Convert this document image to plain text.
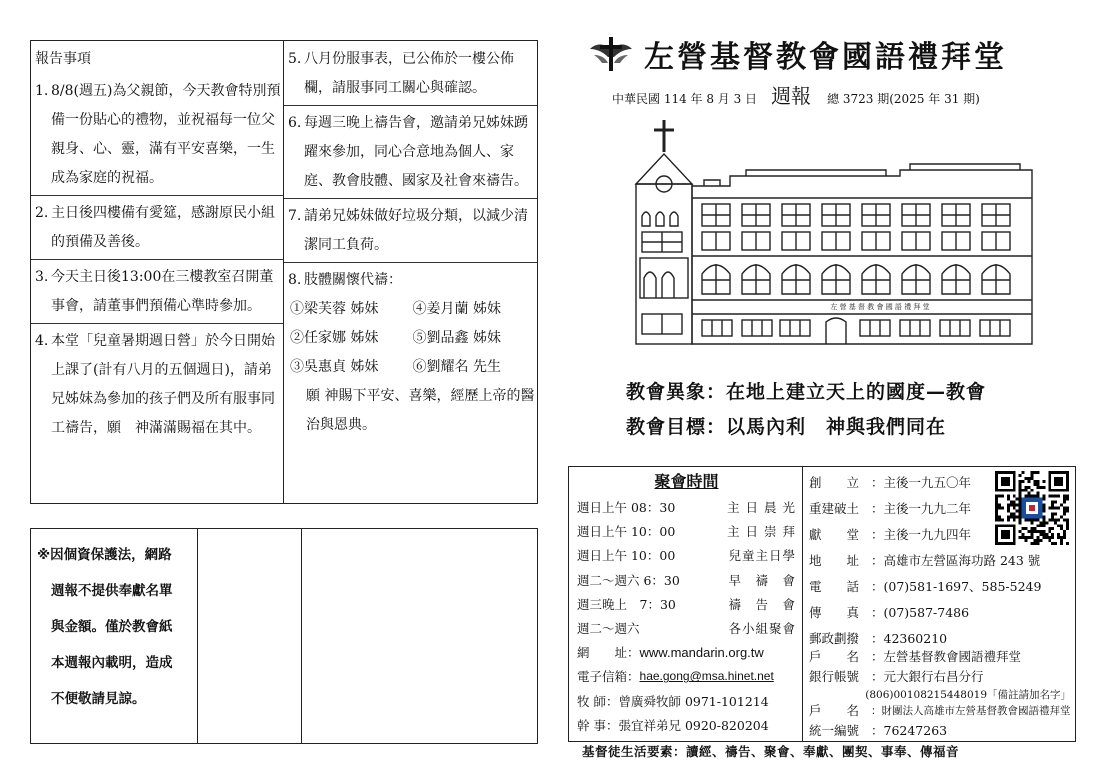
報告事項
1. 8/8(週五)為父親節，今天教會特別預備一份貼心的禮物，並祝福每一位父親身、心、靈，滿有平安喜樂，一生成為家庭的祝福。
2. 主日後四樓備有愛筵，感謝原民小組的預備及善後。
3. 今天主日後13:00在三樓教室召開董事會，請董事們預備心準時參加。
4. 本堂「兒童暑期週日營」於今日開始上課了(計有八月的五個週日)，請弟兄姊妹為參加的孩子們及所有服事同工禱告，願　神滿滿賜福在其中。
5. 八月份服事表，已公佈於一樓公佈欄，請服事同工關心與確認。
6. 每週三晚上禱告會，邀請弟兄姊妹踴躍來參加，同心合意地為個人、家庭、教會肢體、國家及社會來禱告。
7. 請弟兄姊妹做好垃圾分類，以減少清潔同工負荷。
8. 肢體關懷代禱：
①梁芙蓉 姊妹	④姜月蘭 姊妹
②任家娜 姊妹	⑤劉品鑫 姊妹
③吳惠貞 姊妹	⑥劉耀名 先生
願 神賜下平安、喜樂，經歷上帝的醫治與恩典。
※因個資保護法，網路
週報不提供奉獻名單
與金額。僅於教會紙
本週報內載明，造成
不便敬請見諒。
左營基督教會國語禮拜堂
中華民國 114 年 8 月 3 日 週報 總 3723 期(2025 年 31 期)
左 營 基 督 教 會 國 語 禮 拜 堂
教會異象：在地上建立天上的國度—教會
教會目標：以馬內利　神與我們同在
聚會時間
週日上午 08：30	主 日 晨 光
週日上午 10：00	主 日 崇 拜
週日上午 10：00	兒童主日學
週二～週六 6：30	早　禱　會
週三晚上　7：30	禱　告　會
週二～週六	各小組聚會
網　　址： www.mandarin.org.tw
電子信箱： hae.gong@msa.hinet.net
牧 師：曾廣舜牧師 0971-101214
幹 事：張宜祥弟兄 0920-820204
創　　立 ：主後一九五〇年
重建破土 ：主後一九九二年
獻　　堂 ：主後一九九四年
地　　址 ：高雄市左營區海功路 243 號
電　　話 ：(07)581-1697、585-5249
傳　　真 ：(07)587-7486
郵政劃撥 ：42360210
戶　　名 ：左營基督教會國語禮拜堂
銀行帳號 ：元大銀行右昌分行
(806)00108215448019「備註請加名字」
戶　　名	：財團法人高雄市左營基督教會國語禮拜堂
統一編號 ：76247263
基督徒生活要素：讀經、禱告、聚會、奉獻、團契、事奉、傳福音
